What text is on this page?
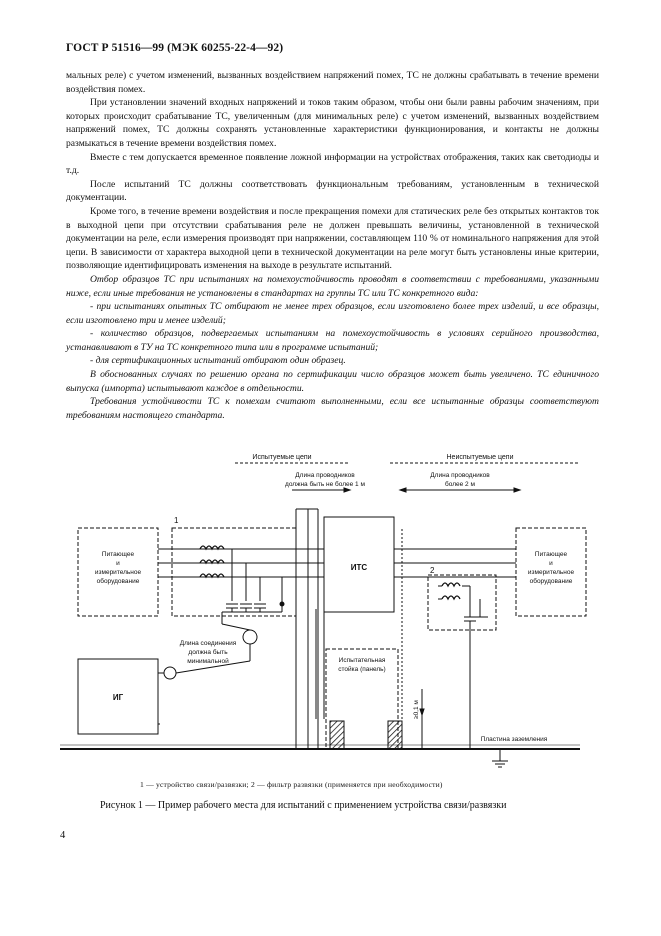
ГОСТ Р 51516—99 (МЭК 60255-22-4—92)

мальных реле) с учетом изменений, вызванных воздействием напряжений помех, ТС не должны срабатывать в течение времени воздействия помех.

При установлении значений входных напряжений и токов таким образом, чтобы они были равны рабочим значениям, при которых происходит срабатывание ТС, увеличенным (для минимальных реле) с учетом изменений, вызванных воздействием напряжений помех, ТС должны сохранять установленные характеристики функционирования, и контакты не должны размыкаться в течение времени воздействия помех.

Вместе с тем допускается временное появление ложной информации на устройствах отображения, таких как светодиоды и т.д.

После испытаний ТС должны соответствовать функциональным требованиям, установленным в технической документации.

Кроме того, в течение времени воздействия и после прекращения помехи для статических реле без открытых контактов ток в выходной цепи при отсутствии срабатывания реле не должен превышать величины, установленной в технической документации на реле, если измерения производят при напряжении, составляющем 110 % от номинального напряжения для этой цепи. В зависимости от характера выходной цепи в технической документации на реле могут быть установлены иные критерии, позволяющие идентифицировать изменения на выходе в результате испытаний.

Отбор образцов ТС при испытаниях на помехоустойчивость проводят в соответствии с требованиями, указанными ниже, если иные требования не установлены в стандартах на группы ТС или ТС конкретного вида:

- при испытаниях опытных ТС отбирают не менее трех образцов, если изготовлено более трех изделий, и все образцы, если изготовлено три и менее изделий;

- количество образцов, подвергаемых испытаниям на помехоустойчивость в условиях серийного производства, устанавливают в ТУ на ТС конкретного типа или в программе испытаний;

- для сертификационных испытаний отбирают один образец.

В обоснованных случаях по решению органа по сертификации число образцов может быть увеличено. ТС единичного выпуска (импорта) испытывают каждое в отдельности.

Требования устойчивости ТС к помехам считают выполненными, если все испытанные образцы соответствуют требованиям настоящего стандарта.

Испытуемые цепи	Неиспытуемые цепи
Длина проводников
должна быть не более 1 м
Длина проводников
более 2 м
Питающее
и
измерительное
оборудование
1
ИТС	2
Питающее
и
измерительное
оборудование
Испытательная
стойка (панель)
≥0,1 м
Длина соединения
должна быть
минимальной
ИГ
Пластина заземления
1 — устройство связи/развязки; 2 — фильтр развязки (применяется при необходимости)
Рисунок 1 — Пример рабочего места для испытаний с применением устройства связи/развязки
4
